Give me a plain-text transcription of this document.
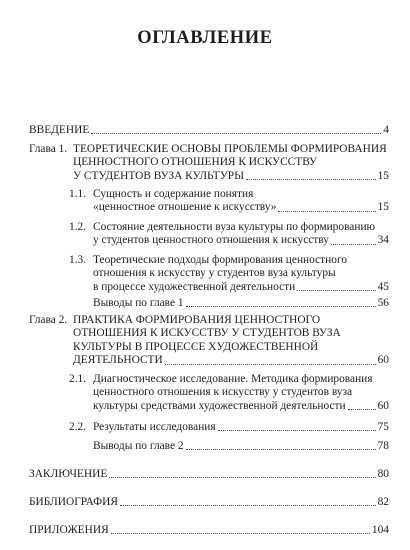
ОГЛАВЛЕНИЕ
ВВЕДЕНИЕ	4
Глава 1. ТЕОРЕТИЧЕСКИЕ ОСНОВЫ ПРОБЛЕМЫ ФОРМИРОВАНИЯ
ЦЕННОСТНОГО ОТНОШЕНИЯ К ИСКУССТВУ
У СТУДЕНТОВ ВУЗА КУЛЬТУРЫ	15
1.1. Сущность и содержание понятия
«ценностное отношение к искусству»	15
1.2. Состояние деятельности вуза культуры по формированию
у студентов ценностного отношения к искусству	34
1.3. Теоретические подходы формирования ценностного
отношения к искусству у студентов вуза культуры
в процессе художественной деятельности	45
Выводы по главе 1	56
Глава 2. ПРАКТИКА ФОРМИРОВАНИЯ ЦЕННОСТНОГО
ОТНОШЕНИЯ К ИСКУССТВУ У СТУДЕНТОВ ВУЗА
КУЛЬТУРЫ В ПРОЦЕССЕ ХУДОЖЕСТВЕННОЙ
ДЕЯТЕЛЬНОСТИ	60
2.1. Диагностическое исследование. Методика формирования
ценностного отношения к искусству у студентов вуза
культуры средствами художественной деятельности	60
2.2. Результаты исследования	75
Выводы по главе 2	78
ЗАКЛЮЧЕНИЕ	80
БИБЛИОГРАФИЯ	82
ПРИЛОЖЕНИЯ	104
